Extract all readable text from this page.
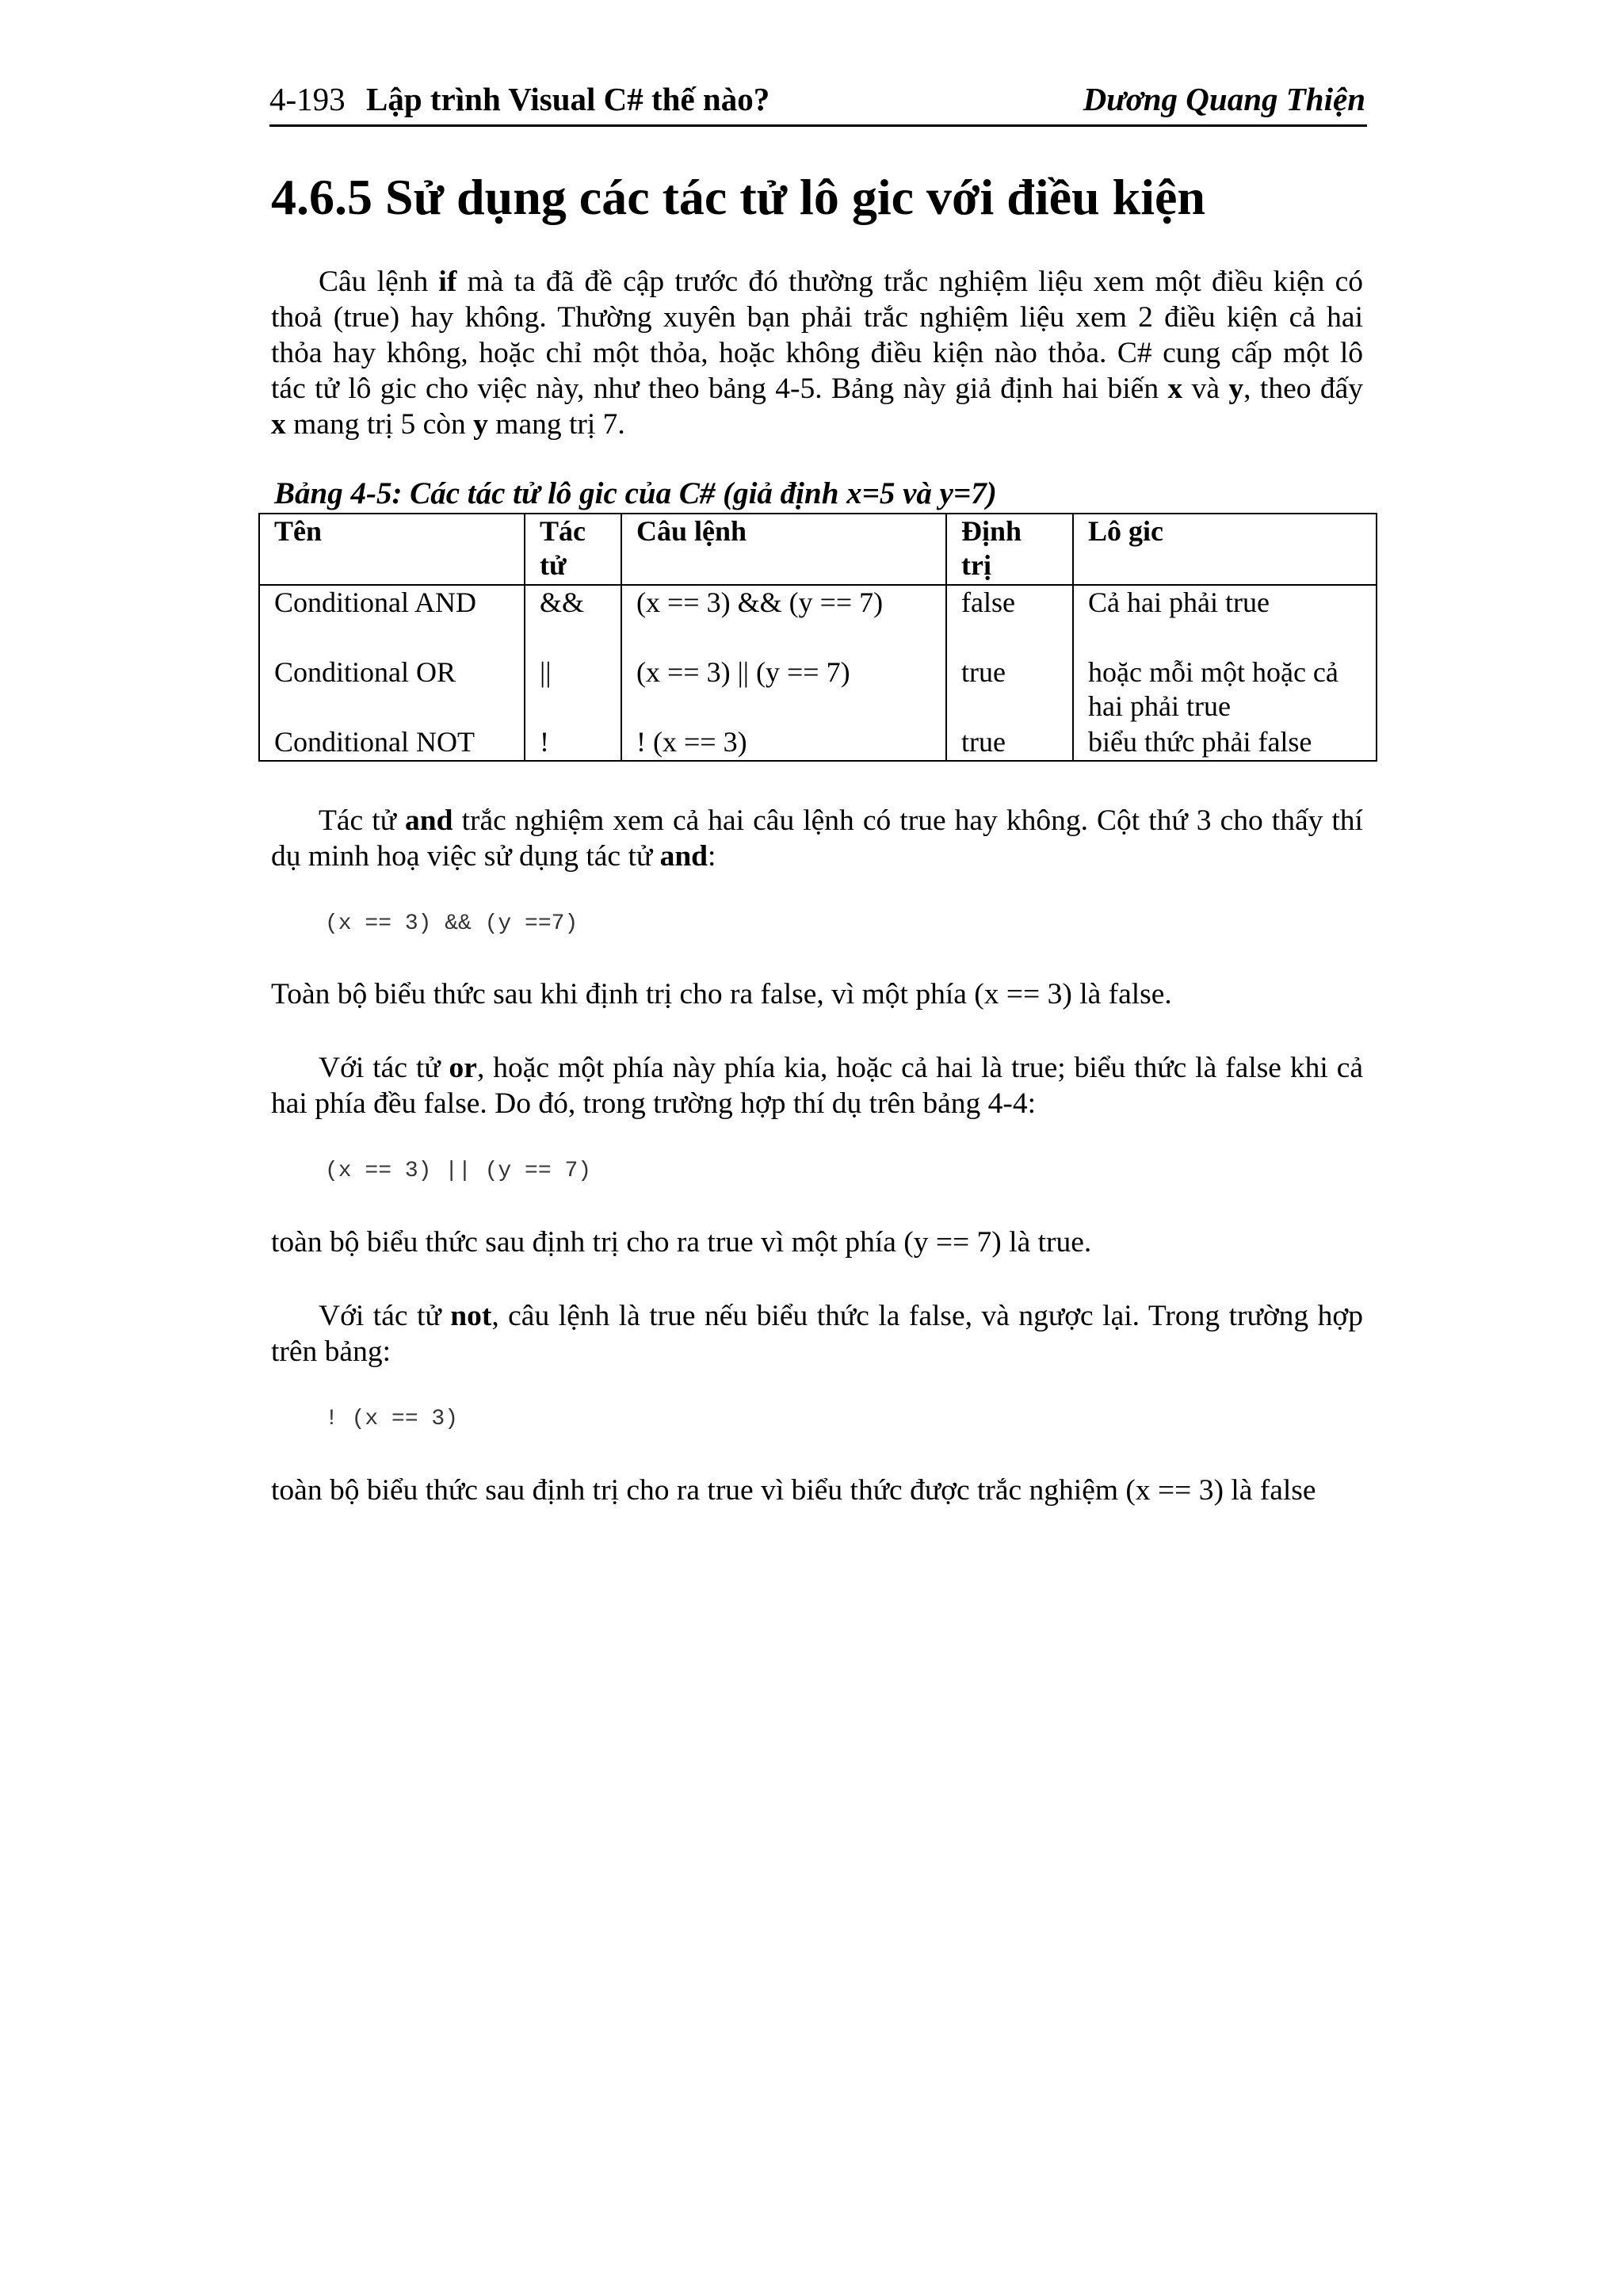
4-193 Lập trình Visual C# thế nào?	Dương Quang Thiện
4.6.5 Sử dụng các tác tử lô gic với điều kiện
Câu lệnh if mà ta đã đề cập trước đó thường trắc nghiệm liệu xem một điều kiện có
thoả (true) hay không. Thường xuyên bạn phải trắc nghiệm liệu xem 2 điều kiện cả hai
thỏa hay không, hoặc chỉ một thỏa, hoặc không điều kiện nào thỏa. C# cung cấp một lô
tác tử lô gic cho việc này, như theo bảng 4-5. Bảng này giả định hai biến x và y, theo đấy
x mang trị 5 còn y mang trị 7.
Bảng 4-5: Các tác tử lô gic của C# (giả định x=5 và y=7)
Tên	Tác tử	Câu lệnh	Định trị	Lô gic
Conditional AND	&&	(x == 3) && (y == 7)	false	Cả hai phải true
Conditional OR	||	(x == 3) || (y == 7)	true	hoặc mỗi một hoặc cả hai phải true
Conditional NOT	!	! (x == 3)	true	biểu thức phải false
Tác tử and trắc nghiệm xem cả hai câu lệnh có true hay không. Cột thứ 3 cho thấy thí
dụ minh hoạ việc sử dụng tác tử and:
(x == 3) && (y ==7)
Toàn bộ biểu thức sau khi định trị cho ra false, vì một phía (x == 3) là false.
Với tác tử or, hoặc một phía này phía kia, hoặc cả hai là true; biểu thức là false khi cả
hai phía đều false. Do đó, trong trường hợp thí dụ trên bảng 4-4:
(x == 3) || (y == 7)
toàn bộ biểu thức sau định trị cho ra true vì một phía (y == 7) là true.
Với tác tử not, câu lệnh là true nếu biểu thức la false, và ngược lại. Trong trường hợp
trên bảng:
! (x == 3)
toàn bộ biểu thức sau định trị cho ra true vì biểu thức được trắc nghiệm (x == 3) là false
